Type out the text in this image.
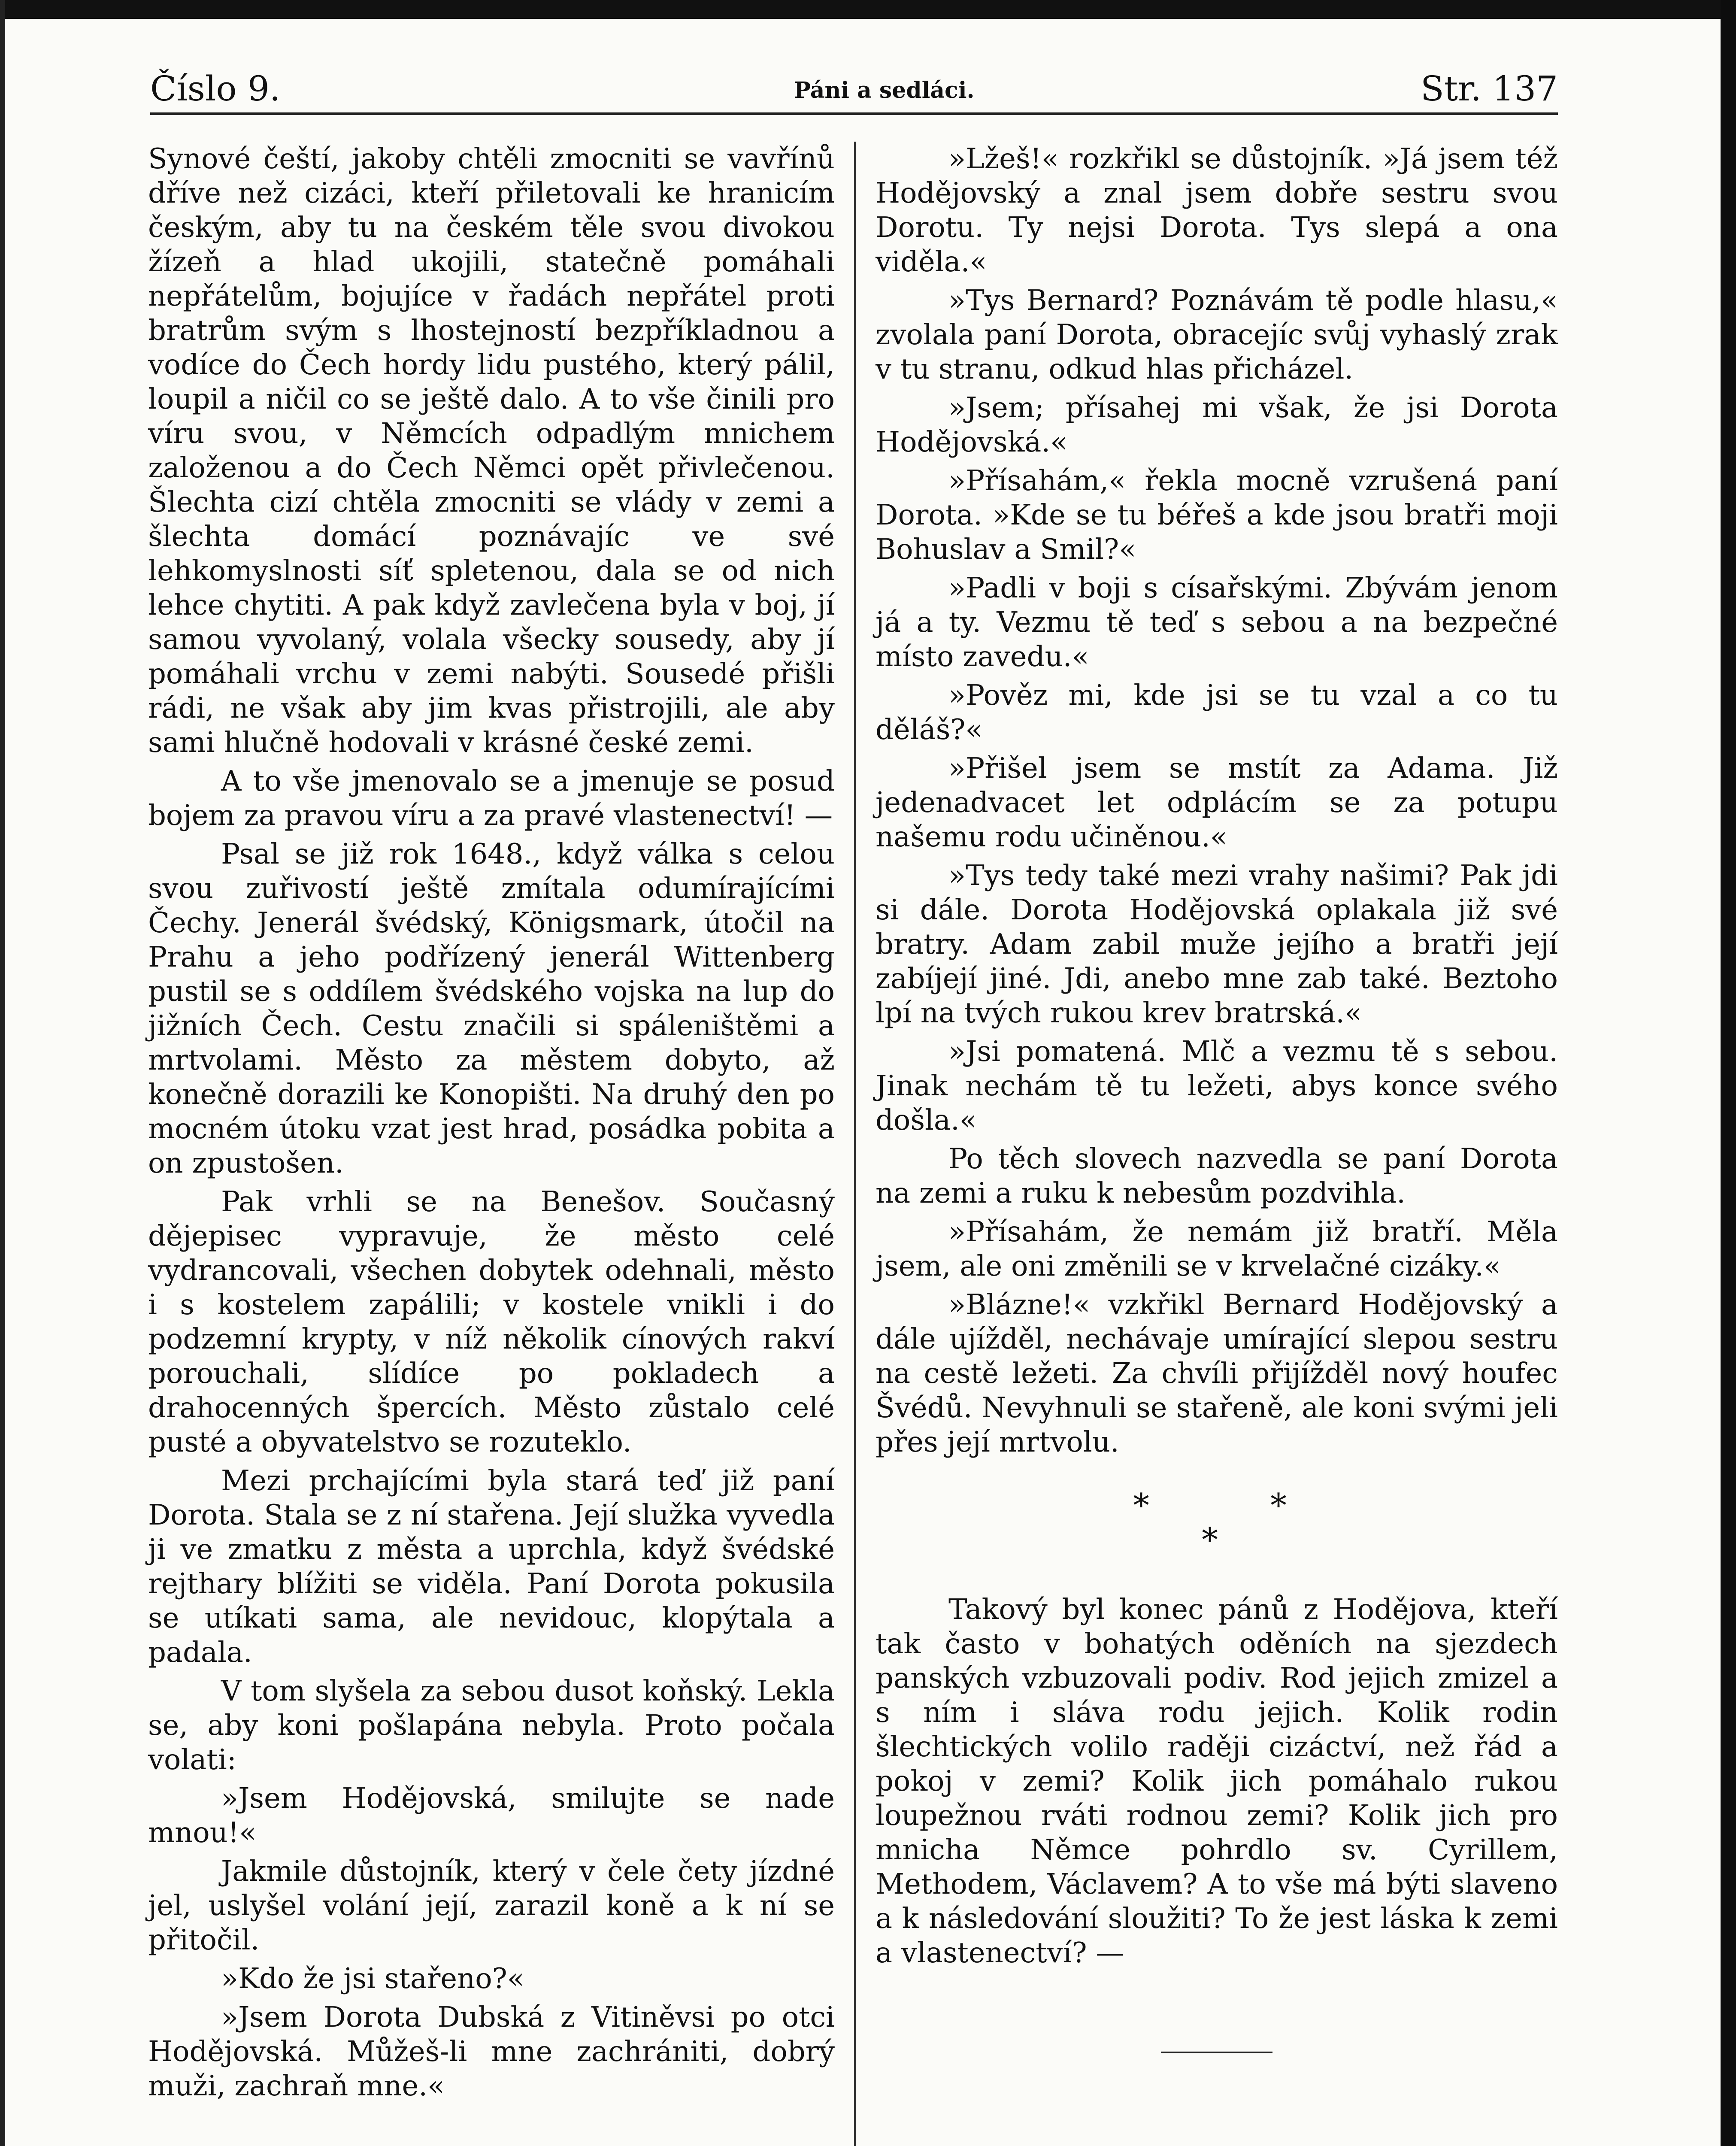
Číslo 9.	Páni a sedláci.	Str. 137

Synové čeští, jakoby chtěli zmocniti se vavřínů dříve než cizáci, kteří přiletovali ke hranicím českým, aby tu na českém těle svou divokou žízeň a hlad ukojili, statečně pomáhali nepřátelům, bojujíce v řadách nepřátel proti bratrům svým s lhostejností bezpříkladnou a vodíce do Čech hordy lidu pustého, který pálil, loupil a ničil co se ještě dalo. A to vše činili pro víru svou, v Němcích odpadlým mnichem založenou a do Čech Němci opět přivlečenou. Šlechta cizí chtěla zmocniti se vlády v zemi a šlechta domácí poznávajíc ve své lehkomyslnosti síť spletenou, dala se od nich lehce chytiti. A pak když zavlečena byla v boj, jí samou vyvolaný, volala všecky sousedy, aby jí pomáhali vrchu v zemi nabýti. Sousedé přišli rádi, ne však aby jim kvas přistrojili, ale aby sami hlučně hodovali v krásné české zemi.

A to vše jmenovalo se a jmenuje se posud bojem za pravou víru a za pravé vlastenectví! —

Psal se již rok 1648., když válka s celou svou zuřivostí ještě zmítala odumírajícími Čechy. Jenerál švédský, Königsmark, útočil na Prahu a jeho podřízený jenerál Wittenberg pustil se s oddílem švédského vojska na lup do jižních Čech. Cestu značili si spáleništěmi a mrtvolami. Město za městem dobyto, až konečně dorazili ke Konopišti. Na druhý den po mocném útoku vzat jest hrad, posádka pobita a on zpustošen.

Pak vrhli se na Benešov. Současný dějepisec vypravuje, že město celé vydrancovali, všechen dobytek odehnali, město i s kostelem zapálili; v kostele vnikli i do podzemní krypty, v níž několik cínových rakví porouchali, slídíce po pokladech a drahocenných špercích. Město zůstalo celé pusté a obyvatelstvo se rozuteklo.

Mezi prchajícími byla stará teď již paní Dorota. Stala se z ní stařena. Její služka vyvedla ji ve zmatku z města a uprchla, když švédské rejthary blížiti se viděla. Paní Dorota pokusila se utíkati sama, ale nevidouc, klopýtala a padala.

V tom slyšela za sebou dusot koňský. Lekla se, aby koni pošlapána nebyla. Proto počala volati:

»Jsem Hodějovská, smilujte se nade mnou!«

Jakmile důstojník, který v čele čety jízdné jel, uslyšel volání její, zarazil koně a k ní se přitočil.

»Kdo že jsi stařeno?«

»Jsem Dorota Dubská z Vitiněvsi po otci Hodějovská. Můžeš-li mne zachrániti, dobrý muži, zachraň mne.«

»Lžeš!« rozkřikl se důstojník. »Já jsem též Hodějovský a znal jsem dobře sestru svou Dorotu. Ty nejsi Dorota. Tys slepá a ona viděla.«

»Tys Bernard? Poznávám tě podle hlasu,« zvolala paní Dorota, obracejíc svůj vyhaslý zrak v tu stranu, odkud hlas přicházel.

»Jsem; přísahej mi však, že jsi Dorota Hodějovská.«

»Přísahám,« řekla mocně vzrušená paní Dorota. »Kde se tu béřeš a kde jsou bratři moji Bohuslav a Smil?«

»Padli v boji s císařskými. Zbývám jenom já a ty. Vezmu tě teď s sebou a na bezpečné místo zavedu.«

»Pověz mi, kde jsi se tu vzal a co tu děláš?«

»Přišel jsem se mstít za Adama. Již jedenadvacet let odplácím se za potupu našemu rodu učiněnou.«

»Tys tedy také mezi vrahy našimi? Pak jdi si dále. Dorota Hodějovská oplakala již své bratry. Adam zabil muže jejího a bratři její zabíjejí jiné. Jdi, anebo mne zab také. Beztoho lpí na tvých rukou krev bratrská.«

»Jsi pomatená. Mlč a vezmu tě s sebou. Jinak nechám tě tu ležeti, abys konce svého došla.«

Po těch slovech nazvedla se paní Dorota na zemi a ruku k nebesům pozdvihla.

»Přísahám, že nemám již bratří. Měla jsem, ale oni změnili se v krvelačné cizáky.«

»Blázne!« vzkřikl Bernard Hodějovský a dále ujížděl, nechávaje umírající slepou sestru na cestě ležeti. Za chvíli přijížděl nový houfec Švédů. Nevyhnuli se stařeně, ale koni svými jeli přes její mrtvolu.

*
*
*

Takový byl konec pánů z Hodějova, kteří tak často v bohatých oděních na sjezdech panských vzbuzovali podiv. Rod jejich zmizel a s ním i sláva rodu jejich. Kolik rodin šlechtických volilo raději cizáctví, než řád a pokoj v zemi? Kolik jich pomáhalo rukou loupežnou rváti rodnou zemi? Kolik jich pro mnicha Němce pohrdlo sv. Cyrillem, Methodem, Václavem? A to vše má býti slaveno a k následování sloužiti? To že jest láska k zemi a vlastenectví? —
